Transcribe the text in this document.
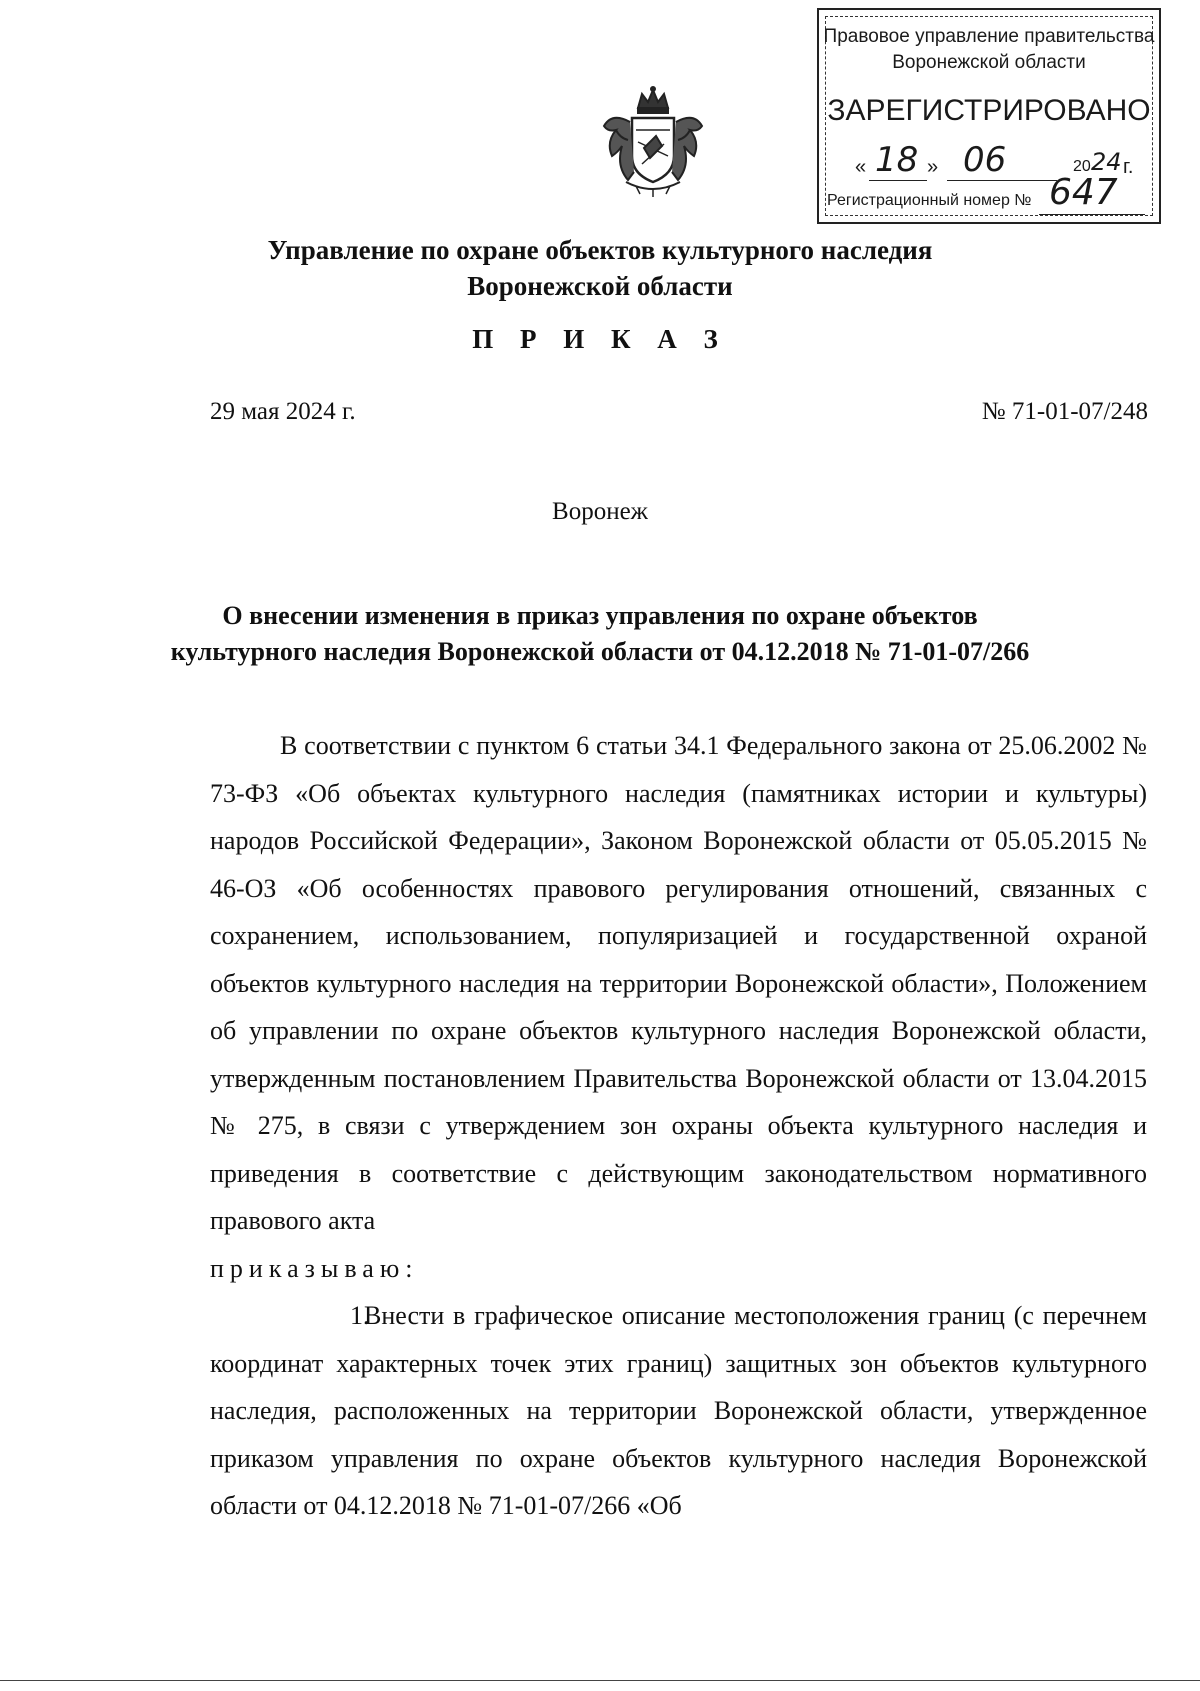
Правовое управление правительства
Воронежской области
ЗАРЕГИСТРИРОВАНО
« 18 » 06	20 24 г.
Регистрационный номер № 647
Управление по охране объектов культурного наследия
Воронежской области
П Р И К А З
29 мая 2024 г.	№ 71-01-07/248
Воронеж
О внесении изменения в приказ управления по охране объектов
культурного наследия Воронежской области от 04.12.2018 № 71-01-07/266

В соответствии с пунктом 6 статьи 34.1 Федерального закона от 25.06.2002 № 73-ФЗ «Об объектах культурного наследия (памятниках истории и культуры) народов Российской Федерации», Законом Воронежской области от 05.05.2015 № 46-ОЗ «Об особенностях правового регулирования отношений, связанных с сохранением, использованием, популяризацией и государственной охраной объектов культурного наследия на территории Воронежской области», Положением об управлении по охране объектов культурного наследия Воронежской области, утвержденным постановлением Правительства Воронежской области от 13.04.2015 № 275, в связи с утверждением зон охраны объекта культурного наследия и приведения в соответствие с действующим законодательством нормативного правового акта

приказываю:

1.Внести в графическое описание местоположения границ (с перечнем координат характерных точек этих границ) защитных зон объектов культурного наследия, расположенных на территории Воронежской области, утвержденное приказом управления по охране объектов культурного наследия Воронежской области от 04.12.2018 № 71-01-07/266 «Об
